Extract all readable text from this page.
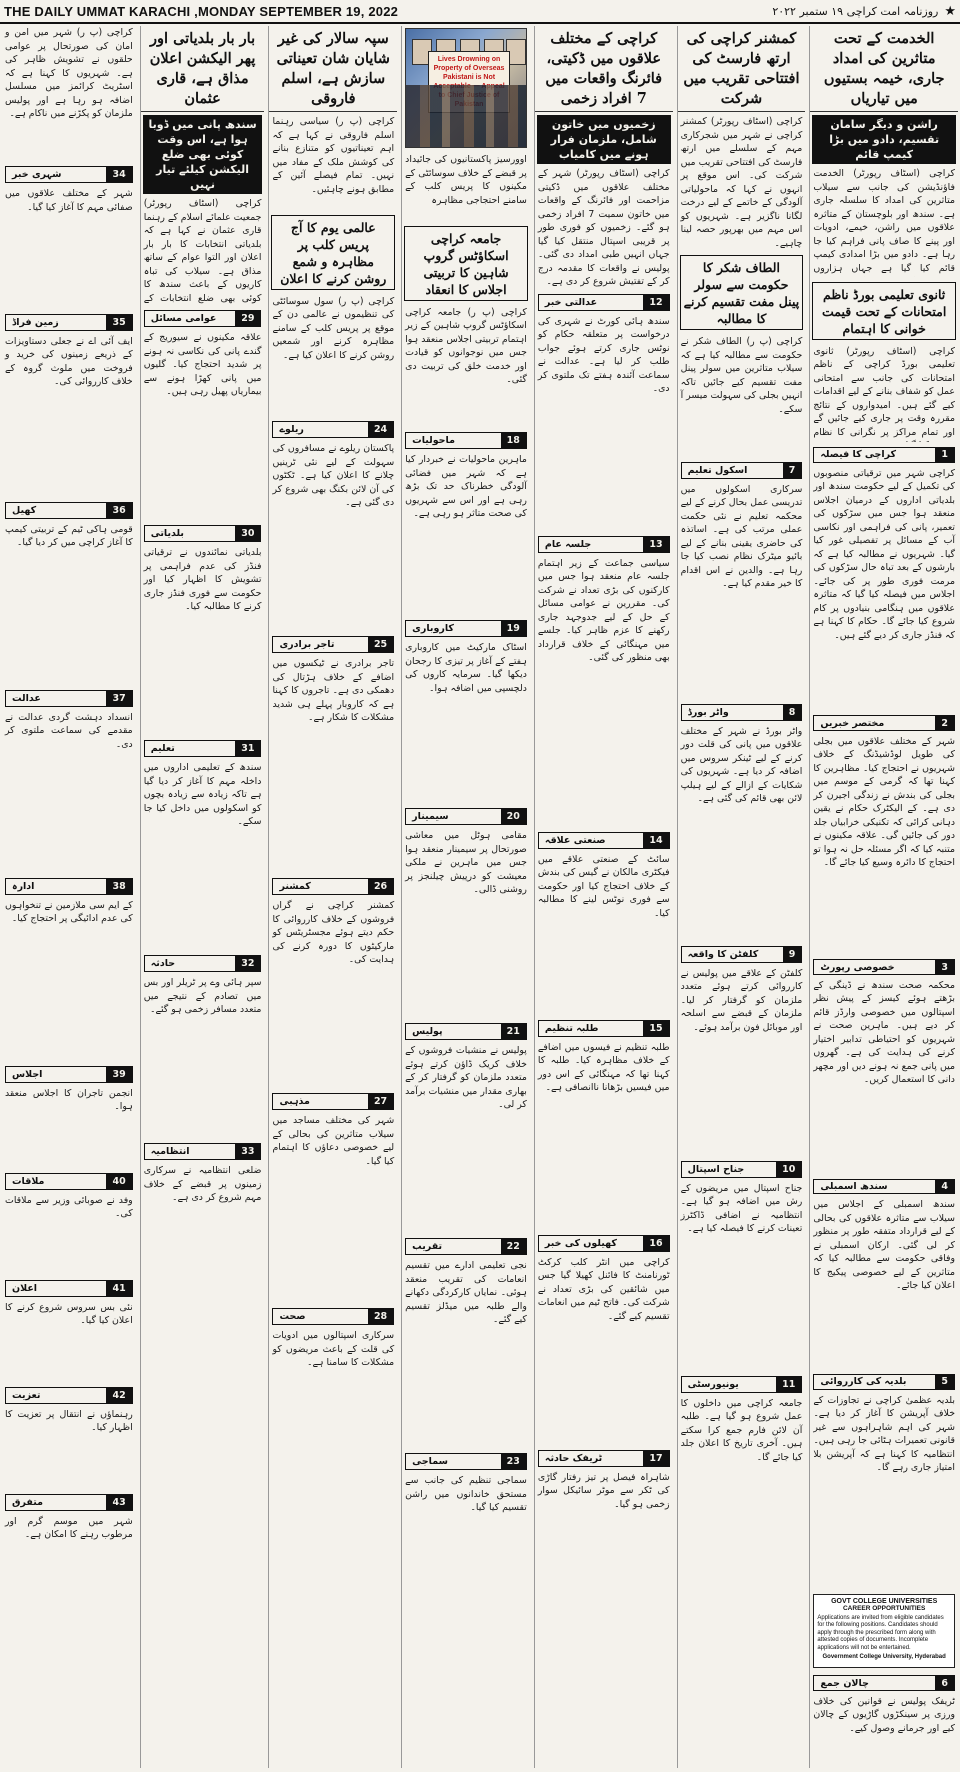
THE DAILY UMMAT KARACHI ,MONDAY SEPTEMBER 19, 2022	★
روزنامہ امت کراچی ۱۹ ستمبر ۲۰۲۲
الخدمت کے تحت متاثرین کی امداد جاری، خیمہ بستیوں میں تیاریاں
راشن و دیگر سامان تقسیم، دادو میں بڑا کیمپ قائم
کراچی (اسٹاف رپورٹر) الخدمت فاؤنڈیشن کی جانب سے سیلاب متاثرین کی امداد کا سلسلہ جاری ہے۔ سندھ اور بلوچستان کے متاثرہ علاقوں میں راشن، خیمے، ادویات اور پینے کا صاف پانی فراہم کیا جا رہا ہے۔ دادو میں بڑا امدادی کیمپ قائم کیا گیا ہے جہاں ہزاروں
ثانوی تعلیمی بورڈ ناظم امتحانات کے تحت قیمت خوانی کا اہتمام
کراچی (اسٹاف رپورٹر) ثانوی تعلیمی بورڈ کراچی کے ناظم امتحانات کی جانب سے امتحانی عمل کو شفاف بنانے کے لیے اقدامات کیے گئے ہیں۔ امیدواروں کے نتائج مقررہ وقت پر جاری کیے جائیں گے اور تمام مراکز پر نگرانی کا نظام
1
کراچی کا فیصلہ
کراچی شہر میں ترقیاتی منصوبوں کی تکمیل کے لیے حکومت سندھ اور بلدیاتی اداروں کے درمیان اجلاس منعقد ہوا جس میں سڑکوں کی تعمیر، پانی کی فراہمی اور نکاسی آب کے مسائل پر تفصیلی غور کیا گیا۔ شہریوں نے مطالبہ کیا ہے کہ بارشوں کے بعد تباہ حال سڑکوں کی مرمت فوری طور پر کی جائے۔ اجلاس میں فیصلہ کیا گیا کہ متاثرہ علاقوں میں ہنگامی بنیادوں پر کام شروع کیا جائے گا۔ حکام کا کہنا ہے کہ فنڈز جاری کر دیے گئے ہیں۔
2
مختصر خبریں
شہر کے مختلف علاقوں میں بجلی کی طویل لوڈشیڈنگ کے خلاف شہریوں نے احتجاج کیا۔ مظاہرین کا کہنا تھا کہ گرمی کے موسم میں بجلی کی بندش نے زندگی اجیرن کر دی ہے۔ کے الیکٹرک حکام نے یقین دہانی کرائی کہ تکنیکی خرابیاں جلد دور کی جائیں گی۔ علاقہ مکینوں نے متنبہ کیا کہ اگر مسئلہ حل نہ ہوا تو احتجاج کا دائرہ وسیع کیا جائے گا۔
3
خصوصی رپورٹ
محکمہ صحت سندھ نے ڈینگی کے بڑھتے ہوئے کیسز کے پیش نظر اسپتالوں میں خصوصی وارڈز قائم کر دیے ہیں۔ ماہرین صحت نے شہریوں کو احتیاطی تدابیر اختیار کرنے کی ہدایت کی ہے۔ گھروں میں پانی جمع نہ ہونے دیں اور مچھر دانی کا استعمال کریں۔
4
سندھ اسمبلی
سندھ اسمبلی کے اجلاس میں سیلاب سے متاثرہ علاقوں کی بحالی کے لیے قرارداد متفقہ طور پر منظور کر لی گئی۔ ارکان اسمبلی نے وفاقی حکومت سے مطالبہ کیا کہ متاثرین کے لیے خصوصی پیکیج کا اعلان کیا جائے۔
5
بلدیہ کی کارروائی
بلدیہ عظمیٰ کراچی نے تجاوزات کے خلاف آپریشن کا آغاز کر دیا ہے۔ شہر کی اہم شاہراہوں سے غیر قانونی تعمیرات ہٹائی جا رہی ہیں۔ انتظامیہ کا کہنا ہے کہ آپریشن بلا امتیاز جاری رہے گا۔
GOVT COLLEGE UNIVERSITIES
CAREER OPPORTUNITIES
Applications are invited from eligible candidates for the following positions. Candidates should apply through the prescribed form along with attested copies of documents. Incomplete applications will not be entertained.
Government College University, Hyderabad
6
چالان جمع
ٹریفک پولیس نے قوانین کی خلاف ورزی پر سینکڑوں گاڑیوں کے چالان کیے اور جرمانے وصول کیے۔
کمشنر کراچی کی ارتھ فارسٹ کی افتتاحی تقریب میں شرکت
کراچی (اسٹاف رپورٹر) کمشنر کراچی نے شہر میں شجرکاری مہم کے سلسلے میں ارتھ فارسٹ کی افتتاحی تقریب میں شرکت کی۔ اس موقع پر انہوں نے کہا کہ ماحولیاتی آلودگی کے خاتمے کے لیے درخت لگانا ناگزیر ہے۔ شہریوں کو اس مہم میں بھرپور حصہ لینا چاہیے۔
الطاف شکر کا حکومت سے سولر پینل مفت تقسیم کرنے کا مطالبہ
کراچی (پ ر) الطاف شکر نے حکومت سے مطالبہ کیا ہے کہ سیلاب متاثرین میں سولر پینل مفت تقسیم کیے جائیں تاکہ انہیں بجلی کی سہولت میسر آ سکے۔
7
اسکول تعلیم
سرکاری اسکولوں میں تدریسی عمل بحال کرنے کے لیے محکمہ تعلیم نے نئی حکمت عملی مرتب کی ہے۔ اساتذہ کی حاضری یقینی بنانے کے لیے بائیو میٹرک نظام نصب کیا جا رہا ہے۔ والدین نے اس اقدام کا خیر مقدم کیا ہے۔
8
واٹر بورڈ
واٹر بورڈ نے شہر کے مختلف علاقوں میں پانی کی قلت دور کرنے کے لیے ٹینکر سروس میں اضافہ کر دیا ہے۔ شہریوں کی شکایات کے ازالے کے لیے ہیلپ لائن بھی قائم کی گئی ہے۔
9
کلفٹن کا واقعہ
کلفٹن کے علاقے میں پولیس نے کارروائی کرتے ہوئے متعدد ملزمان کو گرفتار کر لیا۔ ملزمان کے قبضے سے اسلحہ اور موبائل فون برآمد ہوئے۔
10
جناح اسپتال
جناح اسپتال میں مریضوں کے رش میں اضافہ ہو گیا ہے۔ انتظامیہ نے اضافی ڈاکٹرز تعینات کرنے کا فیصلہ کیا ہے۔
11
یونیورسٹی
جامعہ کراچی میں داخلوں کا عمل شروع ہو گیا ہے۔ طلبہ آن لائن فارم جمع کرا سکتے ہیں۔ آخری تاریخ کا اعلان جلد کیا جائے گا۔
کراچی کے مختلف علاقوں میں ڈکیتی، فائرنگ واقعات میں 7 افراد زخمی
زخمیوں میں خاتون شامل، ملزمان فرار ہونے میں کامیاب
کراچی (اسٹاف رپورٹر) شہر کے مختلف علاقوں میں ڈکیتی مزاحمت اور فائرنگ کے واقعات میں خاتون سمیت 7 افراد زخمی ہو گئے۔ زخمیوں کو فوری طور پر قریبی اسپتال منتقل کیا گیا جہاں انہیں طبی امداد دی گئی۔ پولیس نے واقعات کا مقدمہ درج کر کے تفتیش شروع کر دی ہے۔
12
عدالتی خبر
سندھ ہائی کورٹ نے شہری کی درخواست پر متعلقہ حکام کو نوٹس جاری کرتے ہوئے جواب طلب کر لیا ہے۔ عدالت نے سماعت آئندہ ہفتے تک ملتوی کر دی۔
13
جلسہ عام
سیاسی جماعت کے زیر اہتمام جلسہ عام منعقد ہوا جس میں کارکنوں کی بڑی تعداد نے شرکت کی۔ مقررین نے عوامی مسائل کے حل کے لیے جدوجہد جاری رکھنے کا عزم ظاہر کیا۔ جلسے میں مہنگائی کے خلاف قرارداد بھی منظور کی گئی۔
14
صنعتی علاقہ
سائٹ کے صنعتی علاقے میں فیکٹری مالکان نے گیس کی بندش کے خلاف احتجاج کیا اور حکومت سے فوری نوٹس لینے کا مطالبہ کیا۔
15
طلبہ تنظیم
طلبہ تنظیم نے فیسوں میں اضافے کے خلاف مظاہرہ کیا۔ طلبہ کا کہنا تھا کہ مہنگائی کے اس دور میں فیسیں بڑھانا ناانصافی ہے۔
16
کھیلوں کی خبر
کراچی میں انٹر کلب کرکٹ ٹورنامنٹ کا فائنل کھیلا گیا جس میں شائقین کی بڑی تعداد نے شرکت کی۔ فاتح ٹیم میں انعامات تقسیم کیے گئے۔
17
ٹریفک حادثہ
شاہراہ فیصل پر تیز رفتار گاڑی کی ٹکر سے موٹر سائیکل سوار زخمی ہو گیا۔
Lives Drowning on Property of Overseas Pakistani is Not
اوورسیز پاکستانیوں کی جائیداد پر قبضے کے خلاف سوسائٹی کے مکینوں کا پریس کلب کے سامنے احتجاجی مظاہرہ
جامعہ کراچی اسکاؤٹس گروپ شاہین کا تربیتی اجلاس کا انعقاد
کراچی (پ ر) جامعہ کراچی اسکاؤٹس گروپ شاہین کے زیر اہتمام تربیتی اجلاس منعقد ہوا جس میں نوجوانوں کو قیادت اور خدمت خلق کی تربیت دی گئی۔
18
ماحولیات
ماہرین ماحولیات نے خبردار کیا ہے کہ شہر میں فضائی آلودگی خطرناک حد تک بڑھ رہی ہے اور اس سے شہریوں کی صحت متاثر ہو رہی ہے۔
19
کاروباری
اسٹاک مارکیٹ میں کاروباری ہفتے کے آغاز پر تیزی کا رجحان دیکھا گیا۔ سرمایہ کاروں کی دلچسپی میں اضافہ ہوا۔
20
سیمینار
مقامی ہوٹل میں معاشی صورتحال پر سیمینار منعقد ہوا جس میں ماہرین نے ملکی معیشت کو درپیش چیلنجز پر روشنی ڈالی۔
21
پولیس
پولیس نے منشیات فروشوں کے خلاف کریک ڈاؤن کرتے ہوئے متعدد ملزمان کو گرفتار کر کے بھاری مقدار میں منشیات برآمد کر لی۔
22
تقریب
نجی تعلیمی ادارے میں تقسیم انعامات کی تقریب منعقد ہوئی۔ نمایاں کارکردگی دکھانے والے طلبہ میں میڈلز تقسیم کیے گئے۔
23
سماجی
سماجی تنظیم کی جانب سے مستحق خاندانوں میں راشن تقسیم کیا گیا۔
سپہ سالار کی غیر شایان شان تعیناتی سازش ہے، اسلم فاروقی
کراچی (پ ر) سیاسی رہنما اسلم فاروقی نے کہا ہے کہ اہم تعیناتیوں کو متنازع بنانے کی کوشش ملک کے مفاد میں نہیں۔ تمام فیصلے آئین کے مطابق ہونے چاہئیں۔
عالمی یوم کا آج پریس کلب پر مظاہرہ و شمع روشن کرنے کا اعلان
کراچی (پ ر) سول سوسائٹی کی تنظیموں نے عالمی دن کے موقع پر پریس کلب کے سامنے مظاہرہ کرنے اور شمعیں روشن کرنے کا اعلان کیا ہے۔
24
ریلوے
پاکستان ریلوے نے مسافروں کی سہولت کے لیے نئی ٹرینیں چلانے کا اعلان کیا ہے۔ ٹکٹوں کی آن لائن بکنگ بھی شروع کر دی گئی ہے۔
25
تاجر برادری
تاجر برادری نے ٹیکسوں میں اضافے کے خلاف ہڑتال کی دھمکی دی ہے۔ تاجروں کا کہنا ہے کہ کاروبار پہلے ہی شدید مشکلات کا شکار ہے۔
26
کمشنر
کمشنر کراچی نے گراں فروشوں کے خلاف کارروائی کا حکم دیتے ہوئے مجسٹریٹس کو مارکیٹوں کا دورہ کرنے کی ہدایت کی۔
27
مذہبی
شہر کی مختلف مساجد میں سیلاب متاثرین کی بحالی کے لیے خصوصی دعاؤں کا اہتمام کیا گیا۔
28
صحت
سرکاری اسپتالوں میں ادویات کی قلت کے باعث مریضوں کو مشکلات کا سامنا ہے۔
بار بار بلدیاتی اور پھر الیکشن اعلان مذاق ہے، قاری عثمان
سندھ پانی میں ڈوبا ہوا ہے، اس وقت کوئی بھی ضلع الیکشن کیلئے تیار نہیں
کراچی (اسٹاف رپورٹر) جمعیت علمائے اسلام کے رہنما قاری عثمان نے کہا ہے کہ بلدیاتی انتخابات کا بار بار اعلان اور التوا عوام کے ساتھ مذاق ہے۔ سیلاب کی تباہ کاریوں کے باعث سندھ کا کوئی بھی ضلع انتخابات کے
29
عوامی مسائل
علاقہ مکینوں نے سیوریج کے گندے پانی کی نکاسی نہ ہونے پر شدید احتجاج کیا۔ گلیوں میں پانی کھڑا ہونے سے بیماریاں پھیل رہی ہیں۔
30
بلدیاتی
بلدیاتی نمائندوں نے ترقیاتی فنڈز کی عدم فراہمی پر تشویش کا اظہار کیا اور حکومت سے فوری فنڈز جاری کرنے کا مطالبہ کیا۔
31
تعلیم
سندھ کے تعلیمی اداروں میں داخلہ مہم کا آغاز کر دیا گیا ہے تاکہ زیادہ سے زیادہ بچوں کو اسکولوں میں داخل کیا جا سکے۔
32
حادثہ
سپر ہائی وے پر ٹریلر اور بس میں تصادم کے نتیجے میں متعدد مسافر زخمی ہو گئے۔
33
انتظامیہ
ضلعی انتظامیہ نے سرکاری زمینوں پر قبضے کے خلاف مہم شروع کر دی ہے۔
کراچی (پ ر) شہر میں امن و امان کی صورتحال پر عوامی حلقوں نے تشویش ظاہر کی ہے۔ شہریوں کا کہنا ہے کہ اسٹریٹ کرائمز میں مسلسل اضافہ ہو رہا ہے اور پولیس ملزمان کو پکڑنے میں ناکام ہے۔
34
شہری خبر
شہر کے مختلف علاقوں میں صفائی مہم کا آغاز کیا گیا۔
35
زمین فراڈ
ایف آئی اے نے جعلی دستاویزات کے ذریعے زمینوں کی خرید و فروخت میں ملوث گروہ کے خلاف کارروائی کی۔
36
کھیل
قومی ہاکی ٹیم کے تربیتی کیمپ کا آغاز کراچی میں کر دیا گیا۔
37
عدالت
انسداد دہشت گردی عدالت نے مقدمے کی سماعت ملتوی کر دی۔
38
ادارہ
کے ایم سی ملازمین نے تنخواہوں کی عدم ادائیگی پر احتجاج کیا۔
39
اجلاس
انجمن تاجران کا اجلاس منعقد ہوا۔
40
ملاقات
وفد نے صوبائی وزیر سے ملاقات کی۔
41
اعلان
نئی بس سروس شروع کرنے کا اعلان کیا گیا۔
42
تعزیت
رہنماؤں نے انتقال پر تعزیت کا اظہار کیا۔
43
متفرق
شہر میں موسم گرم اور مرطوب رہنے کا امکان ہے۔
